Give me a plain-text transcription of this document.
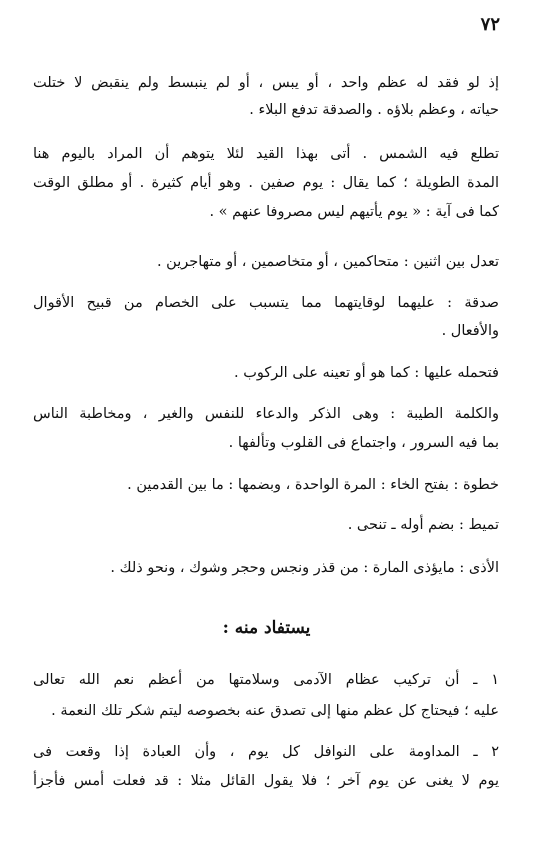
٧٢
إذ لو فقد له عظم واحد ، أو يبس ، أو لم ينبسط ولم ينقبض لا ختلت
حياته ، وعظم بلاؤه . والصدقة تدفع البلاء .
تطلع فيه الشمس . أتى بهذا القيد لئلا يتوهم أن المراد باليوم هنا
المدة الطويلة ؛ كما يقال : يوم صفين . وهو أيام كثيرة . أو مطلق الوقت
كما فى آية : « يوم يأتيهم ليس مصروفا عنهم » .
تعدل بين اثنين : متحاكمين ، أو متخاصمين ، أو متهاجرين .
صدقة : عليهما لوقايتهما مما يتسبب على الخصام من قبيح الأقوال
والأفعال .
فتحمله عليها : كما هو أو تعينه على الركوب .
والكلمة الطيبة : وهى الذكر والدعاء للنفس والغير ، ومخاطبة الناس
بما فيه السرور ، واجتماع فى القلوب وتألفها .
خطوة : بفتح الخاء : المرة الواحدة ، وبضمها : ما بين القدمين .
تميط : بضم أوله ـ تنحى .
الأذى : مايؤذى المارة : من قذر ونجس وحجر وشوك ، ونحو ذلك .
يستفاد منه :
١ ـ أن تركيب عظام الآدمى وسلامتها من أعظم نعم الله تعالى
عليه ؛ فيحتاج كل عظم منها إلى تصدق عنه بخصوصه ليتم شكر تلك النعمة .
٢ ـ المداومة على النوافل كل يوم ، وأن العبادة إذا وقعت فى
يوم لا يغنى عن يوم آخر ؛ فلا يقول القائل مثلا : قد فعلت أمس فأجزأ
